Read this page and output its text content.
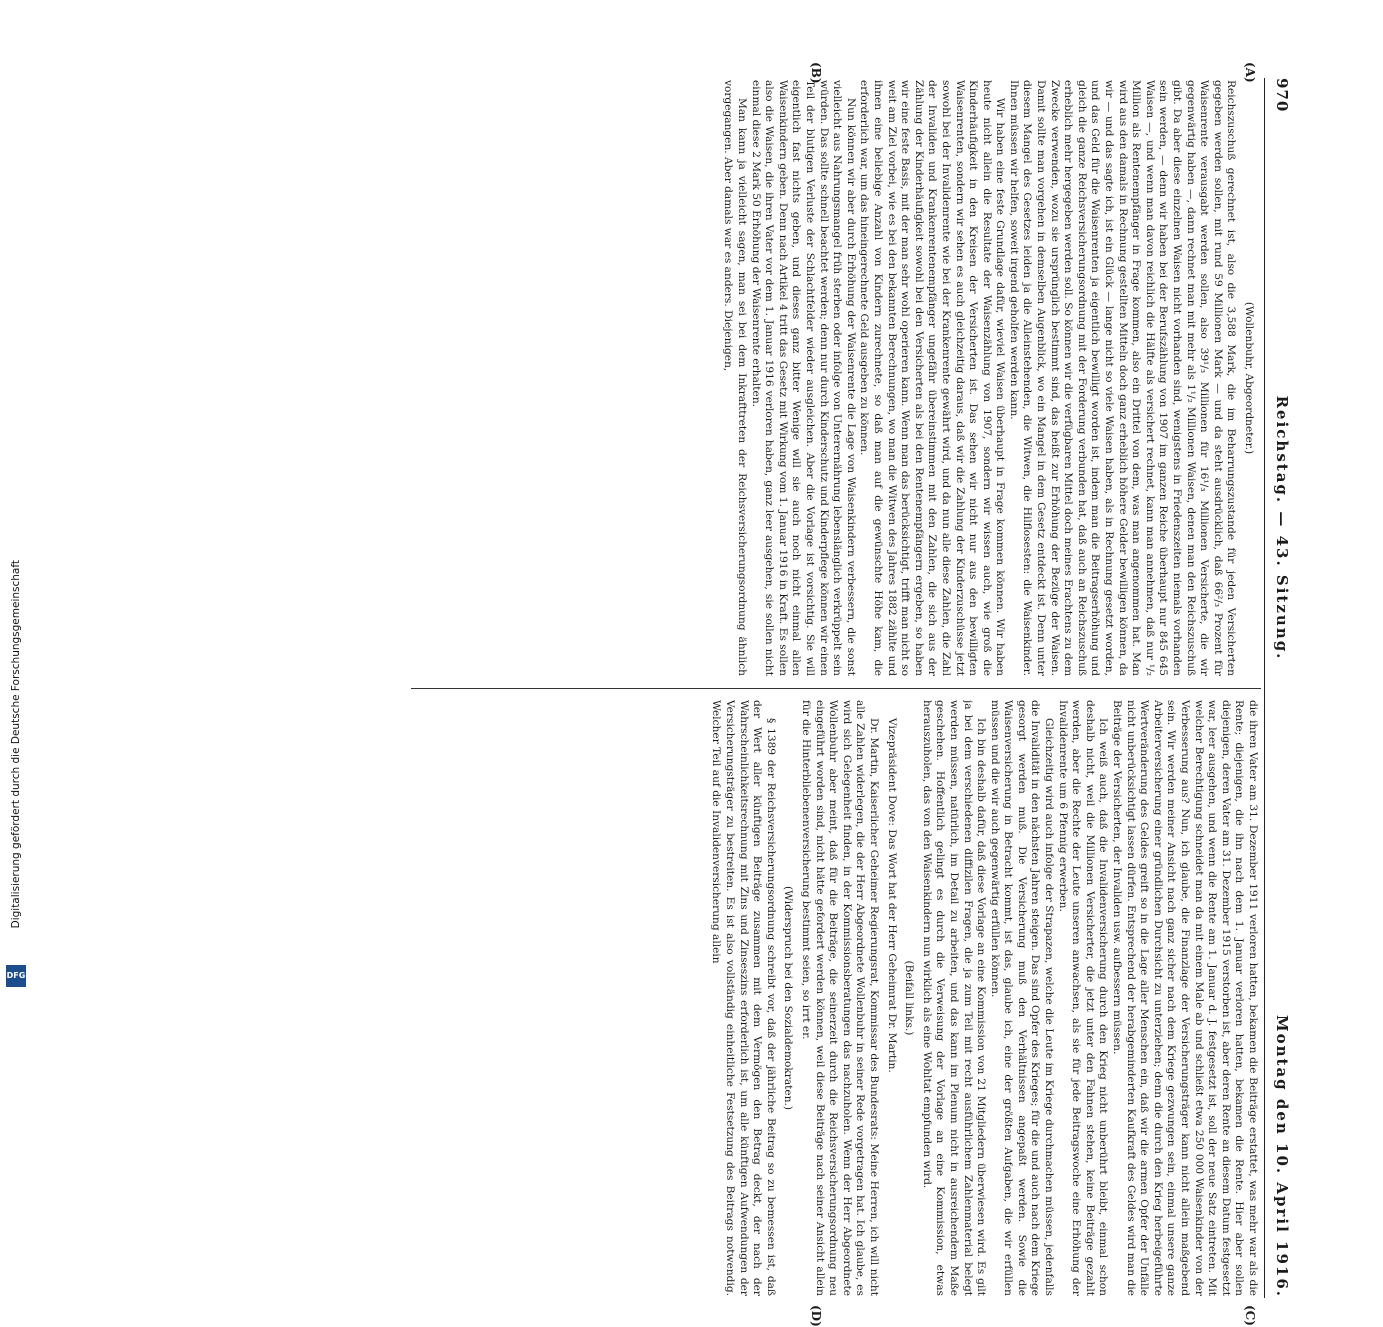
970
Reichstag. — 43. Sitzung.
Montag den 10. April 1916.
(A)
(B)
(C)
(D)

(Wollenbuhr, Abgeordneter.)

Reichszuschuß gerechnet ist, also die 3,588 Mark, die im Beharrungszustande für jeden Versicherten gegeben werden sollen, mit rund 59 Millionen Mark — und da steht ausdrücklich, daß 66²/₃ Prozent für Waisenrente verausgabt werden sollen, also 39¹/₃ Millionen für 16¹/₃ Millionen Versicherte, die wir gegenwärtig haben —, dann rechnet man mit mehr als 1¹/₂ Millionen Waisen, denen man den Reichszuschuß gibt. Da aber diese einzelnen Waisen nicht vorhanden sind, wenigstens in Friedenszeiten niemals vorhanden sein werden, — denn wir haben bei der Berufszählung von 1907 im ganzen Reiche überhaupt nur 845 645 Waisen —, und wenn man davon reichlich die Hälfte als versichert rechnet, kann man annehmen, daß nur ¹/₂ Million als Rentenempfänger in Frage kommen, also ein Drittel von dem, was man angenommen hat. Man wird aus den damals in Rechnung gestellten Mitteln doch ganz erheblich höhere Gelder bewilligen können, da wir — und das sagte ich, ist ein Glück — lange nicht so viele Waisen haben, als in Rechnung gesetzt worden, und das Geld für die Waisenrenten ja eigentlich bewilligt worden ist, indem man die Beitragserhöhung und gleich die ganze Reichsversicherungsordnung mit der Forderung verbunden hat, daß auch an Reichszuschuß erheblich mehr hergegeben werden soll. So können wir die verfügbaren Mittel doch meines Erachtens zu dem Zwecke verwenden, wozu sie ursprünglich bestimmt sind, das heißt zur Erhöhung der Bezüge der Waisen. Damit sollte man vorgehen in demselben Augenblick, wo ein Mangel in dem Gesetz entdeckt ist. Denn unter diesem Mangel des Gesetzes leiden ja die Alleinstehenden, die Witwen, die Hilflosesten: die Waisenkinder. Ihnen müssen wir helfen, soweit irgend geholfen werden kann.

Wir haben eine feste Grundlage dafür, wieviel Waisen überhaupt in Frage kommen können. Wir haben heute nicht allein die Resultate der Waisenzählung von 1907, sondern wir wissen auch, wie groß die Kinderhäufigkeit in den Kreisen der Versicherten ist. Das sehen wir nicht nur aus den bewilligten Waisenrenten, sondern wir sehen es auch gleichzeitig daraus, daß wir die Zahlung der Kinderzuschüsse jetzt sowohl bei der Invalidenrente wie bei der Krankenrente gewährt wird, und da nun alle diese Zahlen, die Zahl der Invaliden und Krankenrentenempfänger ungefähr übereinstimmen mit den Zahlen, die sich aus der Zählung der Kinderhäufigkeit sowohl bei den Versicherten als bei den Rentenempfängern ergeben, so haben wir eine feste Basis, mit der man sehr wohl operieren kann. Wenn man das berücksichtigt, trifft man nicht so weit am Ziel vorbei, wie es bei den bekannten Berechnungen, wo man die Witwen des Jahres 1882 zählte und ihnen eine beliebige Anzahl von Kindern zurechnete, so daß man auf die gewünschte Höhe kam, die erforderlich war, um das hineingerechnete Geld ausgeben zu können.

Nun können wir aber durch Erhöhung der Waisenrente die Lage von Waisenkindern verbessern, die sonst vielleicht aus Nahrungsmangel früh sterben oder infolge von Unterernährung lebenslänglich verkrüppelt sein würden. Das sollte schnell beachtet werden; denn nur durch Kinderschutz und Kinderpflege können wir einen Teil der blutigen Verluste der Schlachtfelder wieder ausgleichen. Aber die Vorlage ist vorsichtig. Sie will eigentlich fast nichts geben, und dieses ganz bitter Wenige will sie auch noch nicht einmal allen Waisenkindern geben. Denn nach Artikel 4 tritt das Gesetz mit Wirkung vom 1. Januar 1916 in Kraft. Es sollen also die Waisen, die ihren Vater vor dem 1. Januar 1916 verloren haben, ganz leer ausgehen, sie sollen nicht einmal diese 2 Mark 50 Erhöhung der Waisenrente erhalten.

Man kann ja vielleicht sagen, man sei bei dem Inkrafttreten der Reichsversicherungsordnung ähnlich vorgegangen. Aber damals war es anders. Diejenigen,

die ihren Vater am 31. Dezember 1911 verloren hatten, bekamen die Beiträge erstattet, was mehr war als die Rente; diejenigen, die ihn nach dem 1. Januar verloren hatten, bekamen die Rente. Hier aber sollen diejenigen, deren Vater am 31. Dezember 1915 verstorben ist, aber deren Rente an diesem Datum festgesetzt war, leer ausgehen, und wenn die Rente am 1. Januar d. J. festgesetzt ist, soll der neue Satz eintreten. Mit welcher Berechtigung schneidet man da mit einem Male ab und schließt etwa 250 000 Waisenkinder von der Verbesserung aus? Nun, ich glaube, die Finanzlage der Versicherungsträger kann nicht allein maßgebend sein. Wir werden meiner Ansicht nach ganz sicher nach dem Kriege gezwungen sein, einmal unsere ganze Arbeiterversicherung einer gründlichen Durchsicht zu unterziehen; denn die durch den Krieg herbeigeführte Wertveränderung des Geldes greift so in die Lage aller Menschen ein, daß wir die armen Opfer der Unfälle nicht unberücksichtigt lassen dürfen. Entsprechend der herabgeminderten Kaufkraft des Geldes wird man die Beiträge der Versicherten, der Invaliden usw. aufbessern müssen.

Ich weiß auch, daß die Invalidenversicherung durch den Krieg nicht unberührt bleibt, einmal schon deshalb nicht, weil die Millionen Versicherter, die jetzt unter den Fahnen stehen, keine Beiträge gezahlt werden, aber die Rechte der Leute unseren anwachsen, als sie für jede Beitragswoche eine Erhöhung der Invalidenrente um 6 Pfennig erwerben.

Gleichzeitig wird auch infolge der Strapazen, welche die Leute im Kriege durchmachen müssen, jedenfalls die Invalidität in den nächsten Jahren steigen. Das sind Opfer des Krieges; für die und auch nach dem Kriege gesorgt werden muß. Die Versicherung muß den Verhältnissen angepaßt werden. Sowie die Waisenversicherung in Betracht kommt, ist das, glaube ich, eine der größten Aufgaben, die wir erfüllen müssen und die wir auch gegenwärtig erfüllen können.

Ich bin deshalb dafür, daß diese Vorlage an eine Kommission von 21 Mitgliedern überwiesen wird. Es gilt ja bei dem verschiedenen diffizilen Fragen, die ja zum Teil mit recht ausführlichem Zahlenmaterial belegt werden müssen, natürlich, im Detail zu arbeiten, und das kann im Plenum nicht in ausreichendem Maße geschehen. Hoffentlich gelingt es durch die Verweisung der Vorlage an eine Kommission, etwas herauszuholen, das von den Waisenkindern nun wirklich als eine Wohltat empfunden wird.

(Beifall links.)

Vizepräsident Dove: Das Wort hat der Herr Geheimrat Dr. Martin.

Dr. Martin, Kaiserlicher Geheimer Regierungsrat, Kommissar des Bundesrats: Meine Herren, ich will nicht alle Zahlen widerlegen, die der Herr Abgeordnete Wollenbuhr in seiner Rede vorgetragen hat. Ich glaube, es wird sich Gelegenheit finden, in der Kommissionsberatungen das nachzuholen. Wenn der Herr Abgeordnete Wollenbuhr aber meint, daß für die Beiträge, die seinerzeit durch die Reichsversicherungsordnung neu eingeführt worden sind, nicht hätte gefordert werden können, weil diese Beiträge nach seiner Ansicht allein für die Hinterbliebenenversicherung bestimmt seien, so irrt er.

(Widerspruch bei den Sozialdemokraten.)

§ 1389 der Reichsversicherungsordnung schreibt vor, daß der jährliche Beitrag so zu bemessen ist, daß der Wert aller künftigen Beiträge zusammen mit dem Vermögen den Betrag deckt, der nach der Wahrscheinlichkeitsrechnung mit Zins und Zinseszins erforderlich ist, um alle künftigen Aufwendungen der Versicherungsträger zu bestreiten. Es ist also vollständig einheitliche Festsetzung des Beitrags notwendig. Welcher Teil auf die Invalidenversicherung allein

Digitalisierung gefördert durch die Deutsche Forschungsgemeinschaft
DFG
